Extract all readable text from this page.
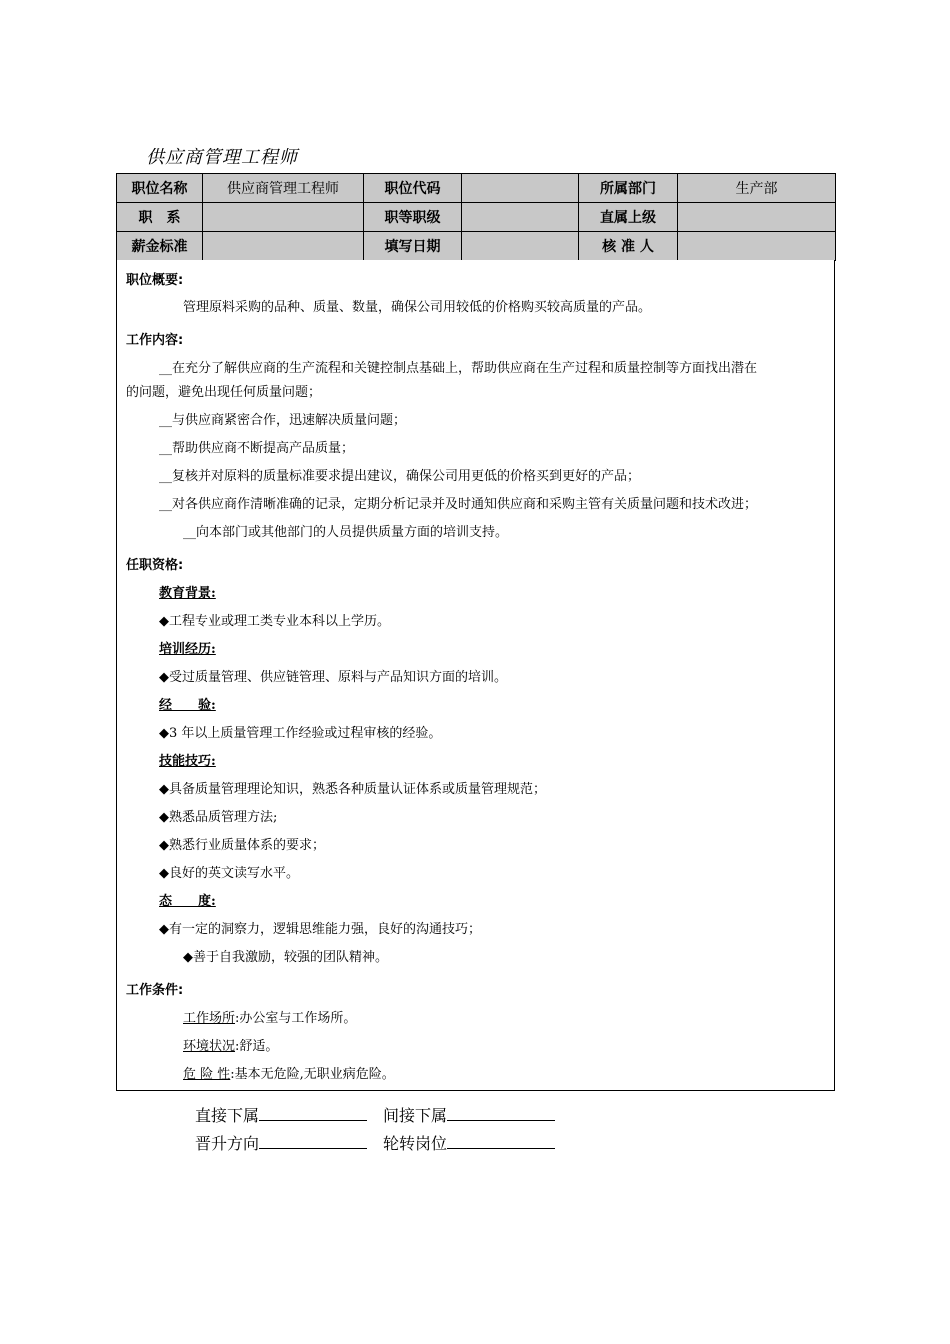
供应商管理工程师
职位名称	供应商管理工程师	职位代码		所属部门	生产部
职　系		职等职级		直属上级	
薪金标准		填写日期		核 准 人	
职位概要:
管理原料采购的品种、质量、数量，确保公司用较低的价格购买较高质量的产品。
工作内容:
__在充分了解供应商的生产流程和关键控制点基础上，帮助供应商在生产过程和质量控制等方面找出潜在
的问题，避免出现任何质量问题；
__与供应商紧密合作，迅速解决质量问题；
__帮助供应商不断提高产品质量；
__复核并对原料的质量标准要求提出建议，确保公司用更低的价格买到更好的产品；
__对各供应商作清晰准确的记录，定期分析记录并及时通知供应商和采购主管有关质量问题和技术改进；
__向本部门或其他部门的人员提供质量方面的培训支持。
任职资格:
教育背景:
◆工程专业或理工类专业本科以上学历。
培训经历:
◆受过质量管理、供应链管理、原料与产品知识方面的培训。
经　　验:
◆3 年以上质量管理工作经验或过程审核的经验。
技能技巧:
◆具备质量管理理论知识，熟悉各种质量认证体系或质量管理规范；
◆熟悉品质管理方法;
◆熟悉行业质量体系的要求；
◆良好的英文读写水平。
态　　度:
◆有一定的洞察力，逻辑思维能力强，良好的沟通技巧；
◆善于自我激励，较强的团队精神。
工作条件:
工作场所:办公室与工作场所。
环境状况:舒适。
危 险 性:基本无危险,无职业病危险。
直接下属	间接下属
晋升方向	轮转岗位
